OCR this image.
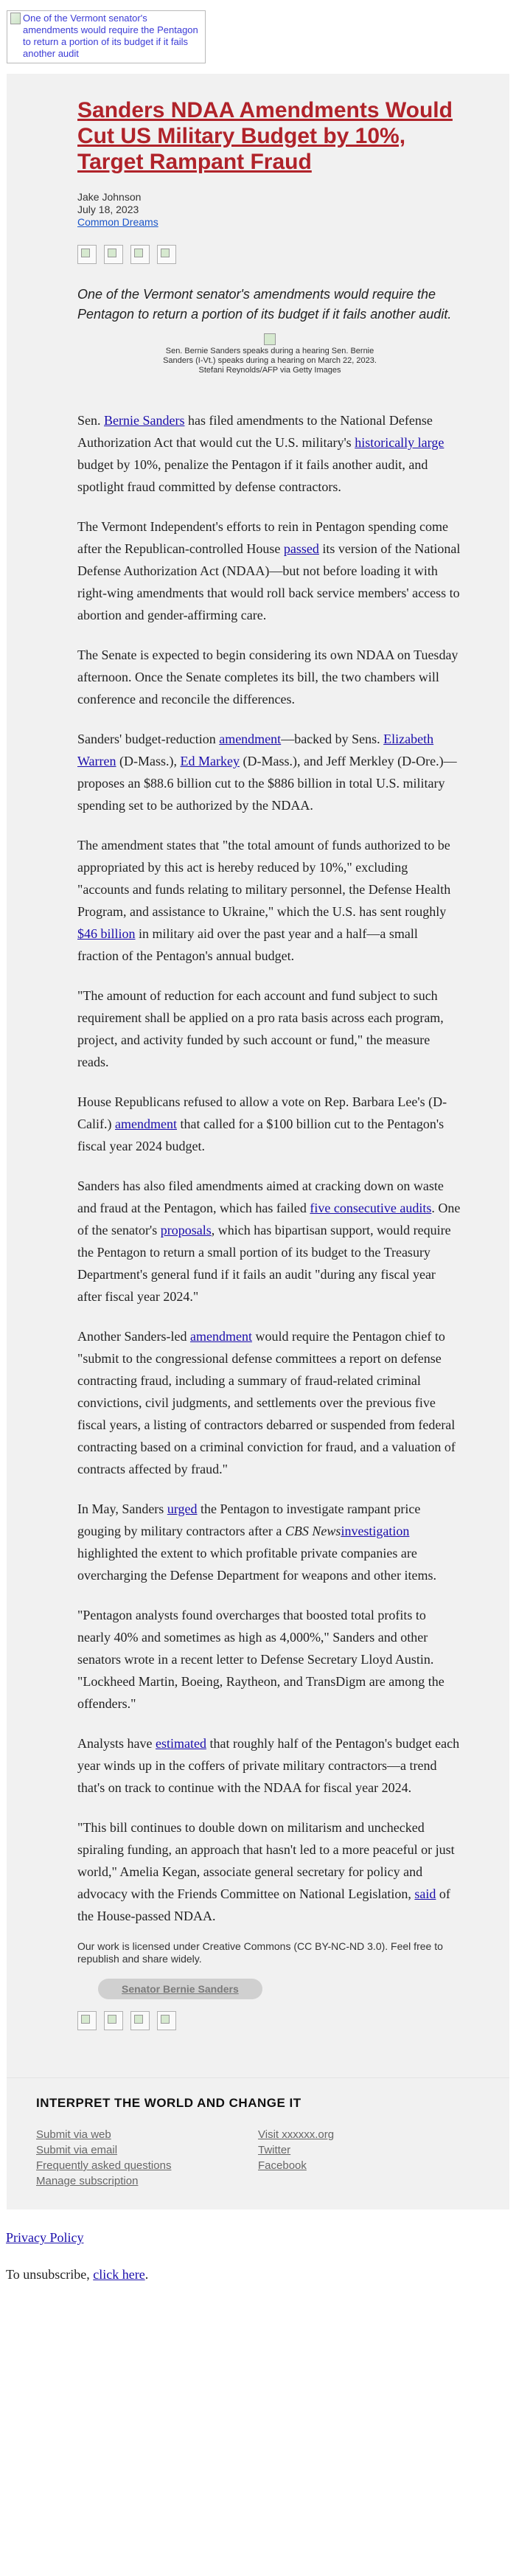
One of the Vermont senator's amendments would require the Pentagon to return a portion of its budget if it fails another audit
Sanders NDAA Amendments Would Cut US Military Budget by 10%, Target Rampant Fraud
Jake Johnson
July 18, 2023
Common Dreams
One of the Vermont senator's amendments would require the Pentagon to return a portion of its budget if it fails another audit.
Sen. Bernie Sanders speaks during a hearing Sen. Bernie Sanders (I-Vt.) speaks during a hearing on March 22, 2023. Stefani Reynolds/AFP via Getty Images

Sen. Bernie Sanders has filed amendments to the National Defense Authorization Act that would cut the U.S. military's historically large budget by 10%, penalize the Pentagon if it fails another audit, and spotlight fraud committed by defense contractors.

The Vermont Independent's efforts to rein in Pentagon spending come after the Republican-controlled House passed its version of the National Defense Authorization Act (NDAA)—but not before loading it with right-wing amendments that would roll back service members' access to abortion and gender-affirming care.

The Senate is expected to begin considering its own NDAA on Tuesday afternoon. Once the Senate completes its bill, the two chambers will conference and reconcile the differences.

Sanders' budget-reduction amendment—backed by Sens. Elizabeth Warren (D-Mass.), Ed Markey (D-Mass.), and Jeff Merkley (D-Ore.)—proposes an $88.6 billion cut to the $886 billion in total U.S. military spending set to be authorized by the NDAA.

The amendment states that "the total amount of funds authorized to be appropriated by this act is hereby reduced by 10%," excluding "accounts and funds relating to military personnel, the Defense Health Program, and assistance to Ukraine," which the U.S. has sent roughly $46 billion in military aid over the past year and a half—a small fraction of the Pentagon's annual budget.

"The amount of reduction for each account and fund subject to such requirement shall be applied on a pro rata basis across each program, project, and activity funded by such account or fund," the measure reads.

House Republicans refused to allow a vote on Rep. Barbara Lee's (D-Calif.) amendment that called for a $100 billion cut to the Pentagon's fiscal year 2024 budget.

Sanders has also filed amendments aimed at cracking down on waste and fraud at the Pentagon, which has failed five consecutive audits. One of the senator's proposals, which has bipartisan support, would require the Pentagon to return a small portion of its budget to the Treasury Department's general fund if it fails an audit "during any fiscal year after fiscal year 2024."

Another Sanders-led amendment would require the Pentagon chief to "submit to the congressional defense committees a report on defense contracting fraud, including a summary of fraud-related criminal convictions, civil judgments, and settlements over the previous five fiscal years, a listing of contractors debarred or suspended from federal contracting based on a criminal conviction for fraud, and a valuation of contracts affected by fraud."

In May, Sanders urged the Pentagon to investigate rampant price gouging by military contractors after a CBS Newsinvestigation highlighted the extent to which profitable private companies are overcharging the Defense Department for weapons and other items.

"Pentagon analysts found overcharges that boosted total profits to nearly 40% and sometimes as high as 4,000%," Sanders and other senators wrote in a recent letter to Defense Secretary Lloyd Austin. "Lockheed Martin, Boeing, Raytheon, and TransDigm are among the offenders."

Analysts have estimated that roughly half of the Pentagon's budget each year winds up in the coffers of private military contractors—a trend that's on track to continue with the NDAA for fiscal year 2024.

"This bill continues to double down on militarism and unchecked spiraling funding, an approach that hasn't led to a more peaceful or just world," Amelia Kegan, associate general secretary for policy and advocacy with the Friends Committee on National Legislation, said of the House-passed NDAA.

Our work is licensed under Creative Commons (CC BY-NC-ND 3.0). Feel free to republish and share widely.
Senator Bernie Sanders
INTERPRET THE WORLD AND CHANGE IT
Submit via web
Submit via email
Frequently asked questions
Manage subscription
Visit xxxxxx.org
Twitter
Facebook
Privacy Policy
To unsubscribe, click here.
